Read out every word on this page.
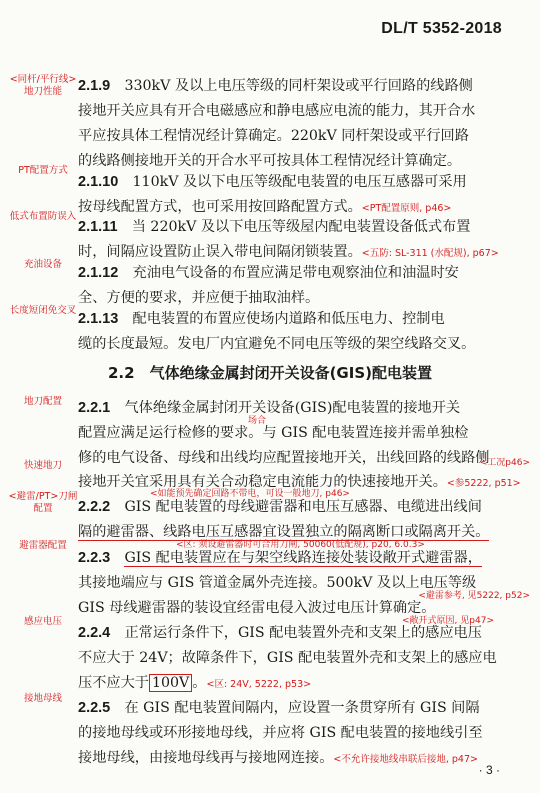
DL/T 5352-2018
<同杆/平行线>地刀性能	2.1.9　 330kV 及以上电压等级的同杆架设或平行回路的线路侧
接地开关应具有开合电磁感应和静电感应电流的能力，其开合水
平应按具体工程情况经计算确定。220kV 同杆架设或平行回路
的线路侧接地开关的开合水平可按具体工程情况经计算确定。
PT配置方式
2.1.10　 110kV 及以下电压等级配电装置的电压互感器可采用
按母线配置方式，也可采用按回路配置方式。<PT配置原则, p46>
低式布置防误入
2.1.11　 当 220kV 及以下电压等级屋内配电装置设备低式布置
时，间隔应设置防止误入带电间隔闭锁装置。<五防: SL-311 (水配规), p67>
充油设备
2.1.12　 充油电气设备的布置应满足带电观察油位和油温时安
全、方便的要求，并应便于抽取油样。
长度短闭免交叉
2.1.13　 配电装置的布置应使场内道路和低压电力、控制电
缆的长度最短。发电厂内宜避免不同电压等级的架空线路交叉。
2.2　气体绝缘金属封闭开关设备(GIS)配电装置
地刀配置	2.2.1　 气体绝缘金属封闭开关设备(GIS)配电装置的接地开关
场合
配置应满足运行检修的要求。与 GIS 配电装置连接并需单独检
修的电气设备、母线和出线均应配置接地开关，出线回路的线路侧
<工况p46>
快速地刀
接地开关宜采用具有关合动稳定电流能力的快速接地开关。<参5222, p51>
<如能预先确定回路不带电，可设一般地刀, p46>
<避雷/PT>刀闸配置	2.2.2　 GIS 配电装置的母线避雷器和电压互感器、电缆进出线间
隔的避雷器、线路电压互感器宜设置独立的隔离断口或隔离开关。
<区: 须设避雷器时可合用刀闸, 50060(低配规), p20, 6.0.3>
避雷器配置
2.2.3　 GIS 配电装置应在与架空线路连接处装设敞开式避雷器，
其接地端应与 GIS 管道金属外壳连接。500kV 及以上电压等级
<避雷参考, 见5222, p52>
GIS 母线避雷器的装设宜经雷电侵入波过电压计算确定。
<敞开式原因, 见p47>
感应电压
2.2.4　 正常运行条件下，GIS 配电装置外壳和支架上的感应电压
不应大于 24V；故障条件下，GIS 配电装置外壳和支架上的感应电
压不应大于 100V 。<区: 24V, 5222, p53>
接地母线
2.2.5　 在 GIS 配电装置间隔内，应设置一条贯穿所有 GIS 间隔
的接地母线或环形接地母线，并应将 GIS 配电装置的接地线引至
接地母线，由接地母线再与接地网连接。<不允许接地线串联后接地, p47>
· 3 ·
